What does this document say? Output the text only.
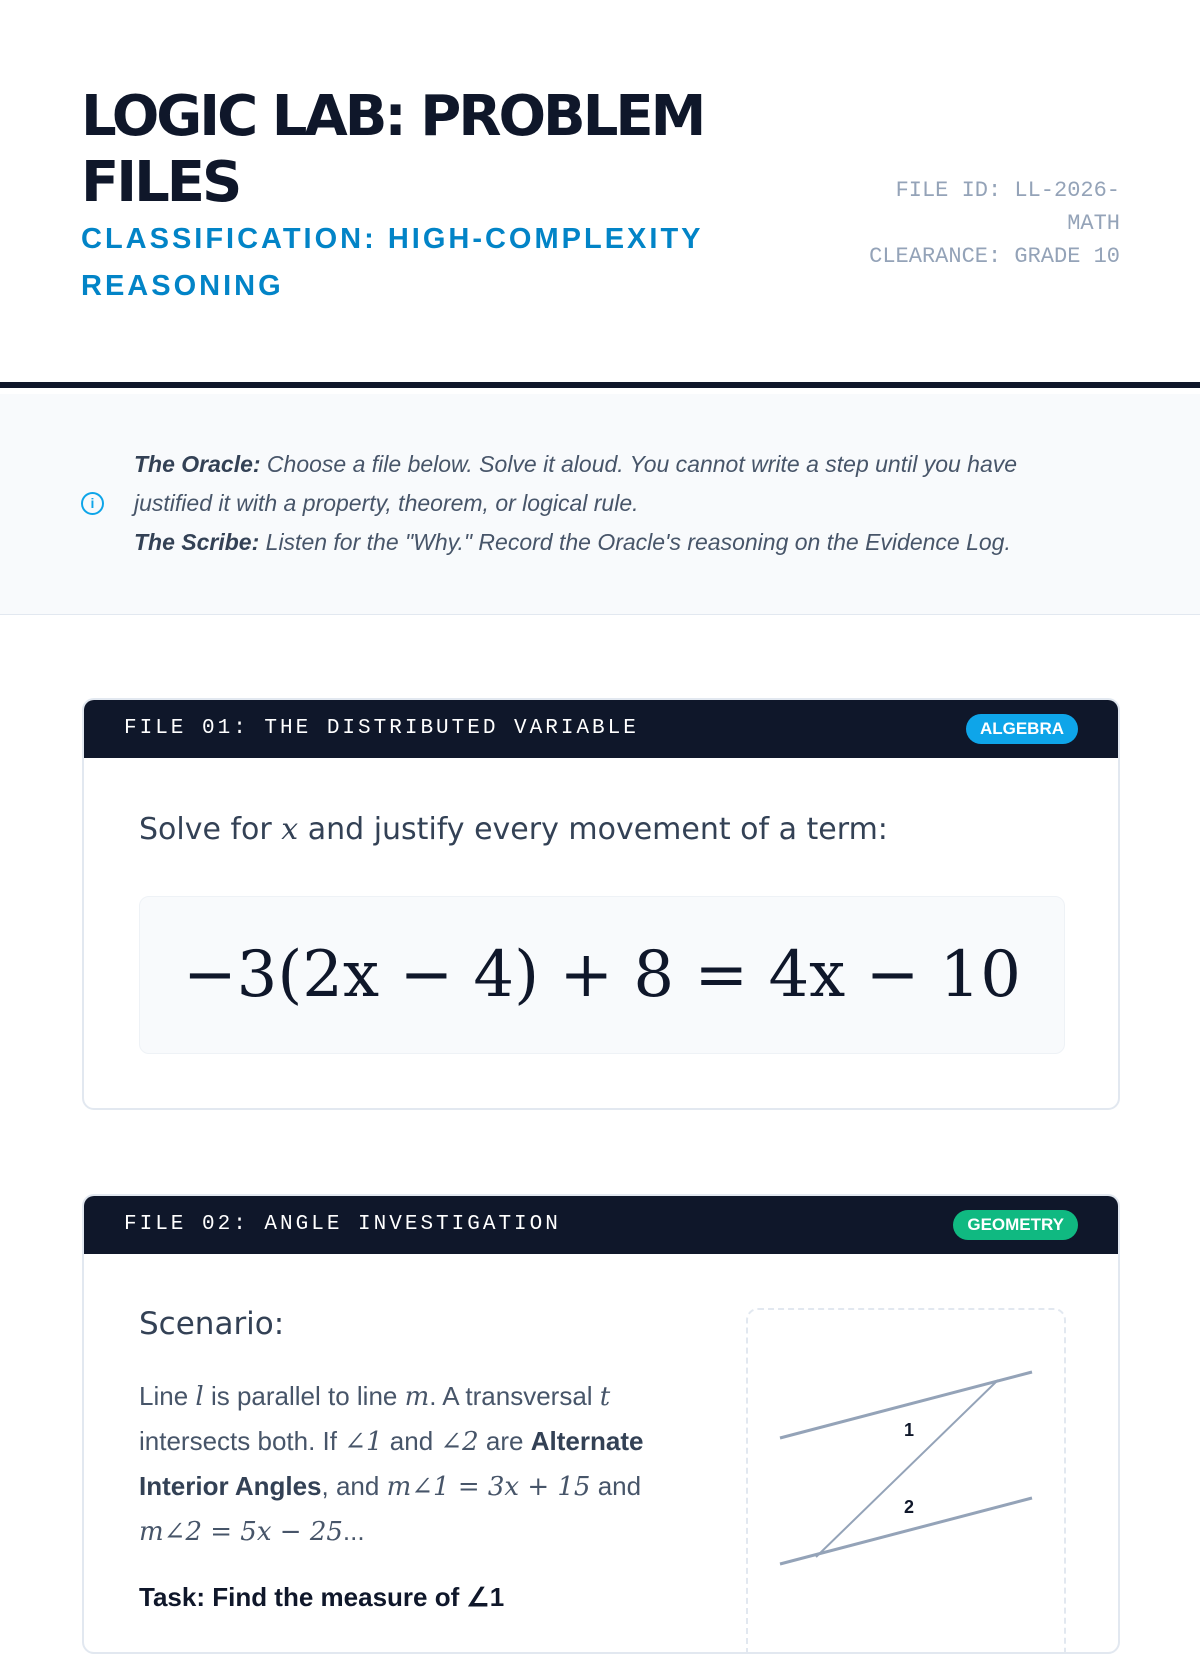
LOGIC LAB: PROBLEM FILES
CLASSIFICATION: HIGH-COMPLEXITY REASONING
FILE ID: LL-2026-MATH
CLEARANCE: GRADE 10
i
The Oracle: Choose a file below. Solve it aloud. You cannot write a step until you have justified it with a property, theorem, or logical rule.
The Scribe: Listen for the "Why." Record the Oracle's reasoning on the Evidence Log.
FILE 01: THE DISTRIBUTED VARIABLE	ALGEBRA
Solve for x and justify every movement of a term:
−3(2x − 4) + 8 = 4x − 10
FILE 02: ANGLE INVESTIGATION	GEOMETRY
Scenario:
Line l is parallel to line m. A transversal t intersects both. If ∠1 and ∠2 are Alternate Interior Angles, and m∠1 = 3x + 15 and m∠2 = 5x − 25...
Task: Find the measure of ∠1
1
2
